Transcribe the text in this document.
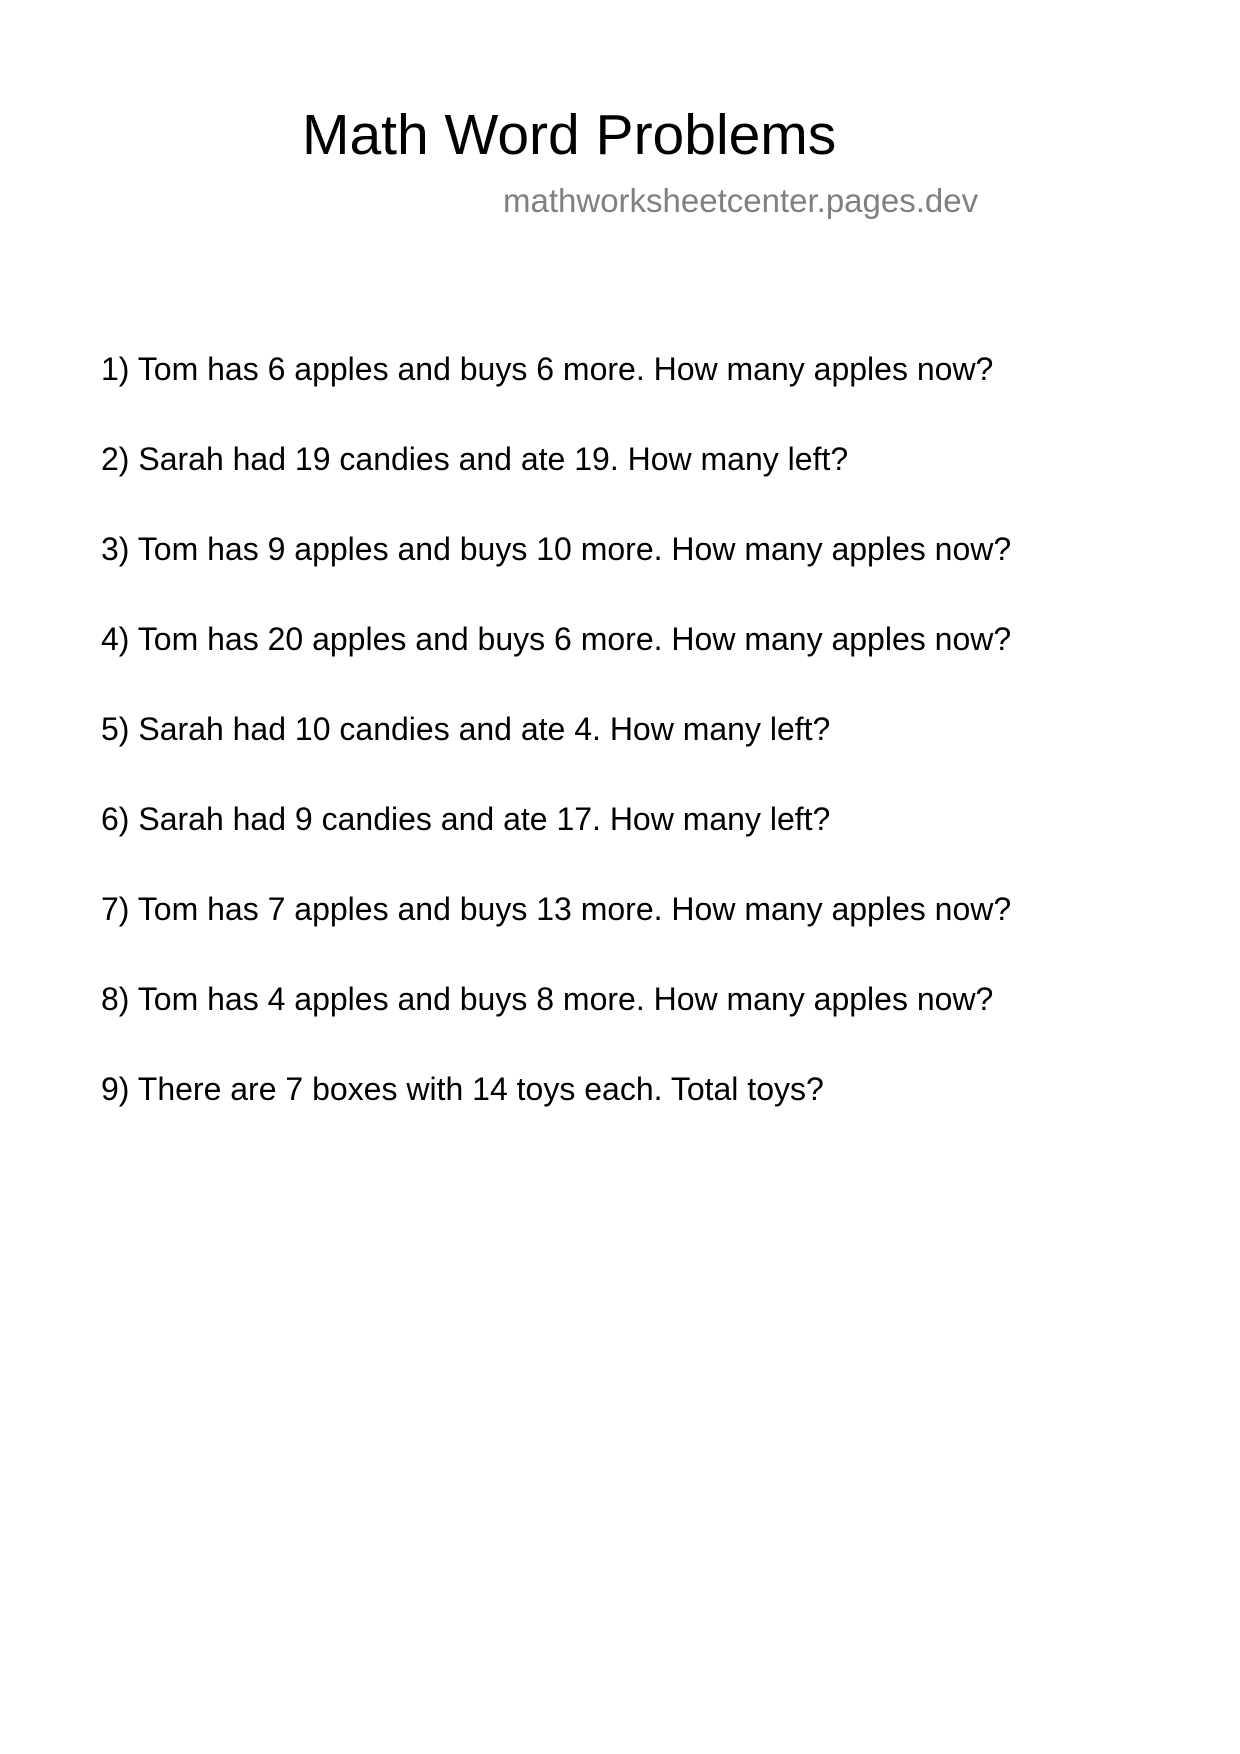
Math Word Problems
mathworksheetcenter.pages.dev
1) Tom has 6 apples and buys 6 more. How many apples now?
2) Sarah had 19 candies and ate 19. How many left?
3) Tom has 9 apples and buys 10 more. How many apples now?
4) Tom has 20 apples and buys 6 more. How many apples now?
5) Sarah had 10 candies and ate 4. How many left?
6) Sarah had 9 candies and ate 17. How many left?
7) Tom has 7 apples and buys 13 more. How many apples now?
8) Tom has 4 apples and buys 8 more. How many apples now?
9) There are 7 boxes with 14 toys each. Total toys?
